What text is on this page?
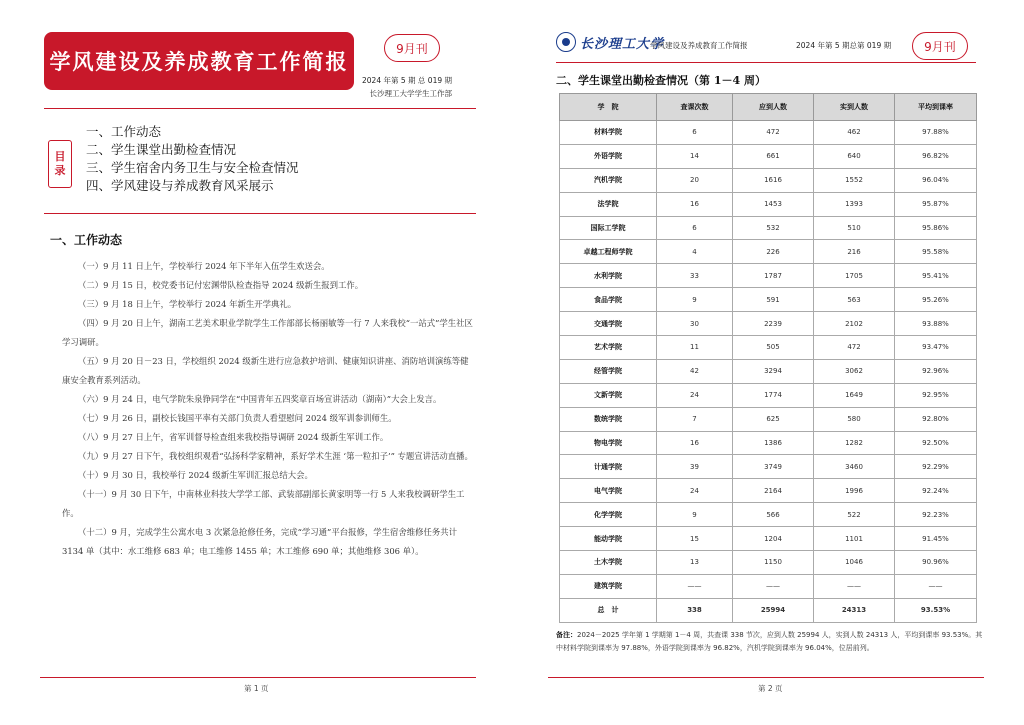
学风建设及养成教育工作简报
9月刊
2024 年第 5 期 总 019 期
长沙理工大学学生工作部
目
录
一、工作动态
二、学生课堂出勤检查情况
三、学生宿舍内务卫生与安全检查情况
四、学风建设与养成教育风采展示
一、工作动态

（一）9 月 11 日上午，学校举行 2024 年下半年入伍学生欢送会。

（二）9 月 15 日，校党委书记付宏渊带队检查指导 2024 级新生报到工作。

（三）9 月 18 日上午，学校举行 2024 年新生开学典礼。

（四）9 月 20 日上午，湖南工艺美术职业学院学生工作部部长杨丽敏等一行 7 人来我校“一站式”学生社区学习调研。

（五）9 月 20 日－23 日，学校组织 2024 级新生进行应急救护培训、健康知识讲座、消防培训演练等健康安全教育系列活动。

（六）9 月 24 日，电气学院朱泉铮同学在“中国青年五四奖章百场宣讲活动（湖南）”大会上发言。

（七）9 月 26 日，副校长钱国平率有关部门负责人看望慰问 2024 级军训参训师生。

（八）9 月 27 日上午，省军训督导检查组来我校指导调研 2024 级新生军训工作。

（九）9 月 27 日下午，我校组织观看“弘扬科学家精神，系好学术生涯 ‘第一粒扣子’” 专题宣讲活动直播。

（十）9 月 30 日，我校举行 2024 级新生军训汇报总结大会。

（十一）9 月 30 日下午，中南林业科技大学学工部、武装部副部长黄家明等一行 5 人来我校调研学生工作。

（十二）9 月，完成学生公寓水电 3 次紧急抢修任务，完成“学习通”平台报修，学生宿舍维修任务共计 3134 单（其中：水工维修 683 单；电工维修 1455 单；木工维修 690 单；其他维修 306 单）。

第 1 页
长沙理工大学
学风建设及养成教育工作简报	2024 年第 5 期总第 019 期	9月刊
二、学生课堂出勤检查情况（第 1－4 周）
学　院	查课次数	应到人数	实到人数	平均到课率
材料学院	6	472	462	97.88%
外语学院	14	661	640	96.82%
汽机学院	20	1616	1552	96.04%
法学院	16	1453	1393	95.87%
国际工学院	6	532	510	95.86%
卓越工程师学院	4	226	216	95.58%
水利学院	33	1787	1705	95.41%
食品学院	9	591	563	95.26%
交通学院	30	2239	2102	93.88%
艺术学院	11	505	472	93.47%
经管学院	42	3294	3062	92.96%
文新学院	24	1774	1649	92.95%
数统学院	7	625	580	92.80%
物电学院	16	1386	1282	92.50%
计通学院	39	3749	3460	92.29%
电气学院	24	2164	1996	92.24%
化学学院	9	566	522	92.23%
能动学院	15	1204	1101	91.45%
土木学院	13	1150	1046	90.96%
建筑学院	——	——	——	——
总　计	338	25994	24313	93.53%
备注：2024－2025 学年第 1 学期第 1－4 周，共查课 338 节次，应到人数 25994 人，实到人数 24313 人，平均到课率 93.53%。其中材料学院到课率为 97.88%，外语学院到课率为 96.82%，汽机学院到课率为 96.04%，位居前列。
第 2 页
